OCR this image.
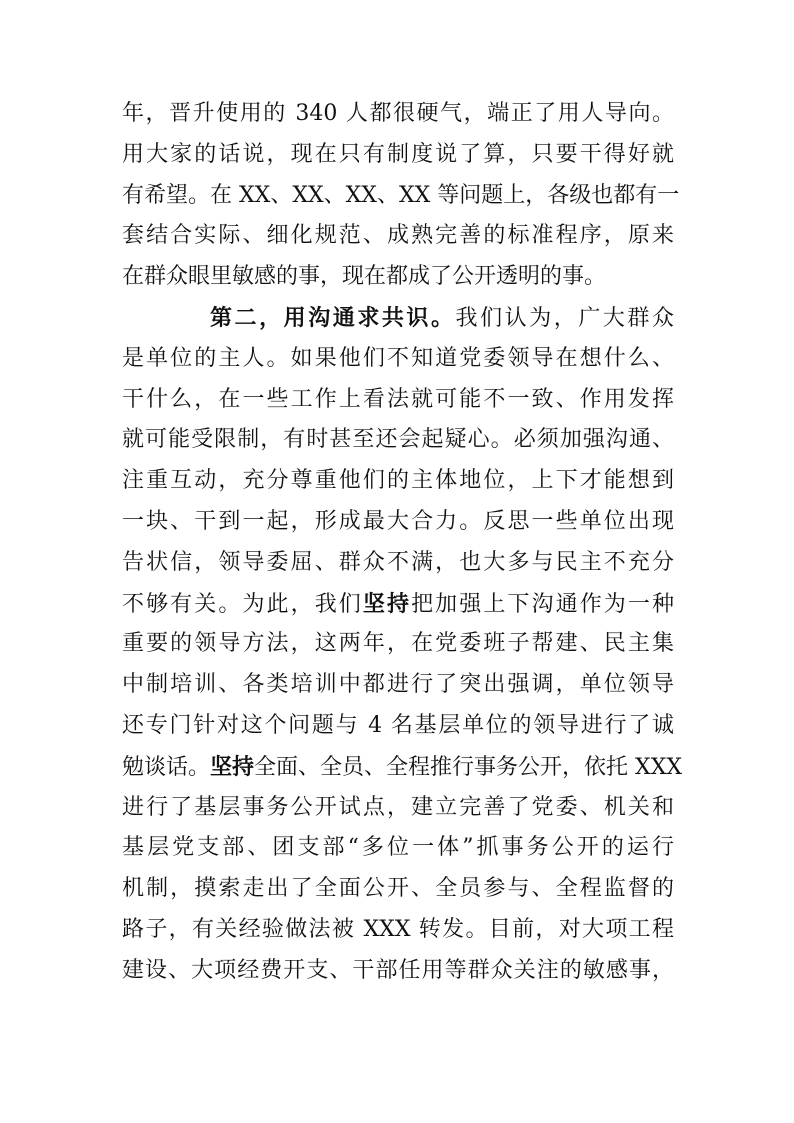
年，晋升使用的 340 人都很硬气，端正了用人导向。
用大家的话说，现在只有制度说了算，只要干得好就
有希望。在 XX、XX、XX、XX 等问题上，各级也都有一
套结合实际、细化规范、成熟完善的标准程序，原来
在群众眼里敏感的事，现在都成了公开透明的事。
第二，用沟通求共识。我们认为，广大群众
是单位的主人。如果他们不知道党委领导在想什么、
干什么，在一些工作上看法就可能不一致、作用发挥
就可能受限制，有时甚至还会起疑心。必须加强沟通、
注重互动，充分尊重他们的主体地位，上下才能想到
一块、干到一起，形成最大合力。反思一些单位出现
告状信，领导委屈、群众不满，也大多与民主不充分
不够有关。为此，我们坚持把加强上下沟通作为一种
重要的领导方法，这两年，在党委班子帮建、民主集
中制培训、各类培训中都进行了突出强调，单位领导
还专门针对这个问题与 4 名基层单位的领导进行了诚
勉谈话。坚持全面、全员、全程推行事务公开，依托 XXX
进行了基层事务公开试点，建立完善了党委、机关和
基层党支部、团支部“多位一体”抓事务公开的运行
机制，摸索走出了全面公开、全员参与、全程监督的
路子，有关经验做法被 XXX 转发。目前，对大项工程
建设、大项经费开支、干部任用等群众关注的敏感事，
